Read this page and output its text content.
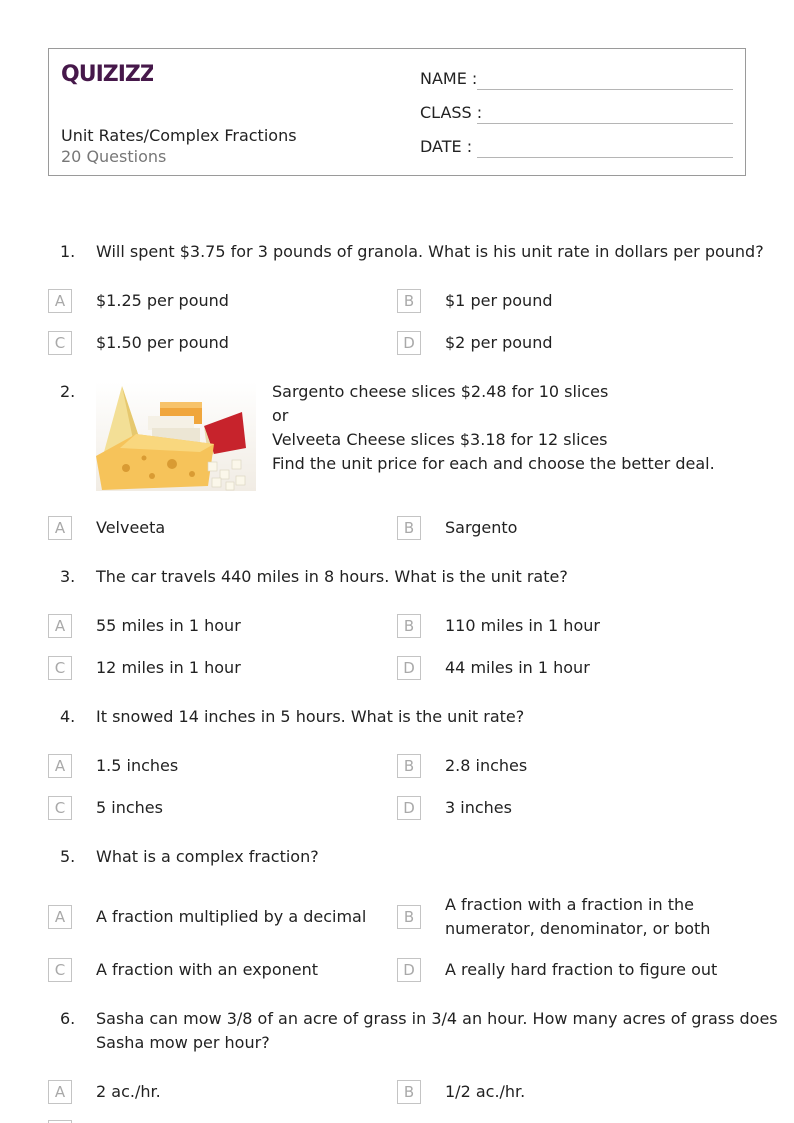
QUIZIZZ
Unit Rates/Complex Fractions
20 Questions
NAME :
CLASS :
DATE :
1. Will spent $3.75 for 3 pounds of granola. What is his unit rate in dollars per pound?
A	$1.25 per pound	B	$1 per pound
C	$1.50 per pound	D	$2 per pound
2.	Sargento cheese slices $2.48 for 10 slices
or
Velveeta Cheese slices $3.18 for 12 slices
Find the unit price for each and choose the better deal.
A	Velveeta	B	Sargento
3. The car travels 440 miles in 8 hours. What is the unit rate?
A	55 miles in 1 hour	B	110 miles in 1 hour
C	12 miles in 1 hour	D	44 miles in 1 hour
4. It snowed 14 inches in 5 hours. What is the unit rate?
A	1.5 inches	B	2.8 inches
C	5 inches	D	3 inches
5. What is a complex fraction?
A	A fraction multiplied by a decimal	B
A fraction with a fraction in the
numerator, denominator, or both
C	A fraction with an exponent	D	A really hard fraction to figure out
6. Sasha can mow 3/8 of an acre of grass in 3/4 an hour. How many acres of grass does
Sasha mow per hour?
A	2 ac./hr.	B	1/2 ac./hr.
